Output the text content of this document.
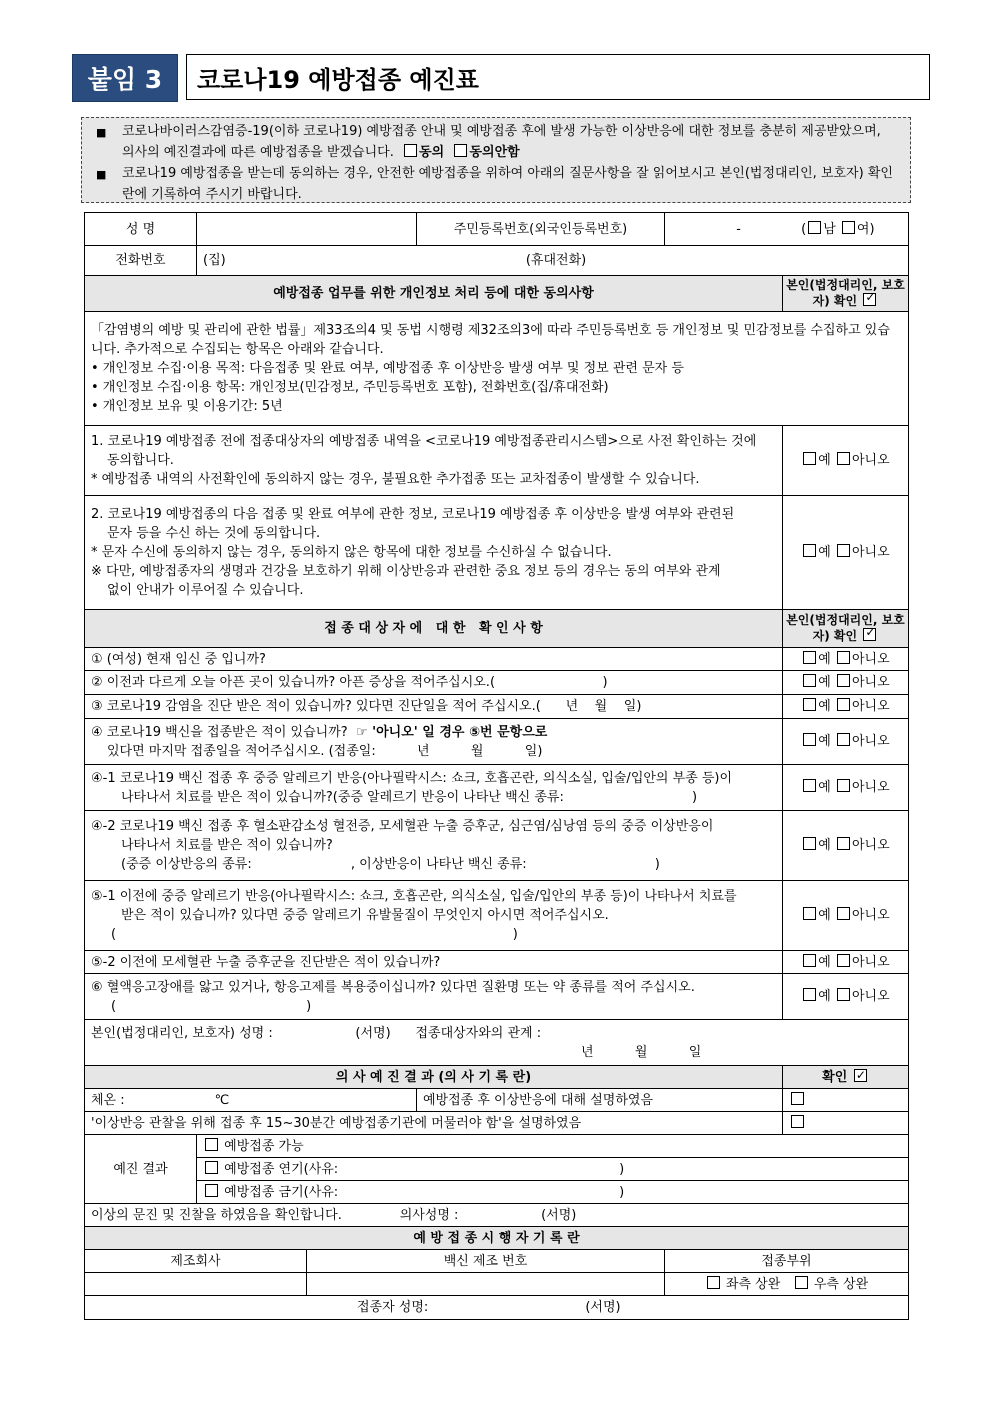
붙임 3	코로나19 예방접종 예진표
■	코로나바이러스감염증-19(이하 코로나19) 예방접종 안내 및 예방접종 후에 발생 가능한 이상반응에 대한 정보를 충분히 제공받았으며, 의사의 예진결과에 따른 예방접종을 받겠습니다. 동의 동의안함
■	코로나19 예방접종을 받는데 동의하는 경우, 안전한 예방접종을 위하여 아래의 질문사항을 잘 읽어보시고 본인(법정대리인, 보호자) 확인란에 기록하여 주시기 바랍니다.
성 명			주민등록번호(외국인등록번호)	- ( 남 여)	
전화번호	(집) (휴대전화)				
예방접종 업무를 위한 개인정보 처리 등에 대한 동의사항					본인(법정대리인, 보호자) 확인 ✓

「감염병의 예방 및 관리에 관한 법률」제33조의4 및 동법 시행령 제32조의3에 따라 주민등록번호 등 개인정보 및 민감정보를 수집하고 있습니다. 추가적으로 수집되는 항목은 아래와 같습니다.
• 개인정보 수집·이용 목적: 다음접종 및 완료 여부, 예방접종 후 이상반응 발생 여부 및 정보 관련 문자 등
• 개인정보 수집·이용 항목: 개인정보(민감정보, 주민등록번호 포함), 전화번호(집/휴대전화)
• 개인정보 보유 및 이용기간: 5년					

1. 코로나19 예방접종 전에 접종대상자의 예방접종 내역을 <코로나19 예방접종관리시스템>으로 사전 확인하는 것에
동의합니다.
* 예방접종 내역의 사전확인에 동의하지 않는 경우, 불필요한 추가접종 또는 교차접종이 발생할 수 있습니다.					예 아니오

2. 코로나19 예방접종의 다음 접종 및 완료 여부에 관한 정보, 코로나19 예방접종 후 이상반응 발생 여부와 관련된
문자 등을 수신 하는 것에 동의합니다.
* 문자 수신에 동의하지 않는 경우, 동의하지 않은 항목에 대한 정보를 수신하실 수 없습니다.
※ 다만, 예방접종자의 생명과 건강을 보호하기 위해 이상반응과 관련한 중요 정보 등의 경우는 동의 여부와 관계
없이 안내가 이루어질 수 있습니다.					예 아니오
접 종 대 상 자 에   대 한   확 인 사 항					본인(법정대리인, 보호자) 확인 ✓
① (여성) 현재 임신 중 입니까?					예 아니오
② 이전과 다르게 오늘 아픈 곳이 있습니까? 아픈 증상을 적어주십시오.(                          )					예 아니오
③ 코로나19 감염을 진단 받은 적이 있습니까? 있다면 진단일을 적어 주십시오.(      년    월    일)					예 아니오

④ 코로나19 백신을 접종받은 적이 있습니까? ☞ '아니오' 일 경우 ⑤번 문항으로
있다면 마지막 접종일을 적어주십시오. (접종일:          년          월          일)					예 아니오

④-1 코로나19 백신 접종 후 중증 알레르기 반응(아나필락시스: 쇼크, 호흡곤란, 의식소실, 입술/입안의 부종 등)이
나타나서 치료를 받은 적이 있습니까?(중증 알레르기 반응이 나타난 백신 종류:                               )					예 아니오

④-2 코로나19 백신 접종 후 혈소판감소성 혈전증, 모세혈관 누출 증후군, 심근염/심낭염 등의 중증 이상반응이
나타나서 치료를 받은 적이 있습니까?
(중증 이상반응의 종류:                        , 이상반응이 나타난 백신 종류:                               )					예 아니오

⑤-1 이전에 중증 알레르기 반응(아나필락시스: 쇼크, 호흡곤란, 의식소실, 입술/입안의 부종 등)이 나타나서 치료를
받은 적이 있습니까? 있다면 중증 알레르기 유발물질이 무엇인지 아시면 적어주십시오.
(                                                                                                )					예 아니오
⑤-2 이전에 모세혈관 누출 증후군을 진단받은 적이 있습니까?					예 아니오

⑥ 혈액응고장애를 앓고 있거나, 항응고제를 복용중이십니까? 있다면 질환명 또는 약 종류를 적어 주십시오.
(                                              )					예 아니오

본인(법정대리인, 보호자) 성명 :                    (서명)      접종대상자와의 관계 :
년          월          일					

의 사 예 진 결 과 (의 사 기 록 란)					확인 ✓
체온 : ℃			예방접종 후 이상반응에 대해 설명하였음		
'이상반응 관찰을 위해 접종 후 15~30분간 예방접종기관에 머물러야 함'을 설명하였음					
예진 결과	예방접종 가능				
	예방접종 연기(사유:                                                                    )				
	예방접종 금기(사유:                                                                    )				
이상의 문진 및 진찰을 하였음을 확인합니다.              의사성명 :                    (서명)					
예 방 접 종 시 행 자 기 록 란					
제조회사		백신 제조 번호		접종부위	
				좌측 상완 우측 상완	
접종자 성명:                                      (서명)					
